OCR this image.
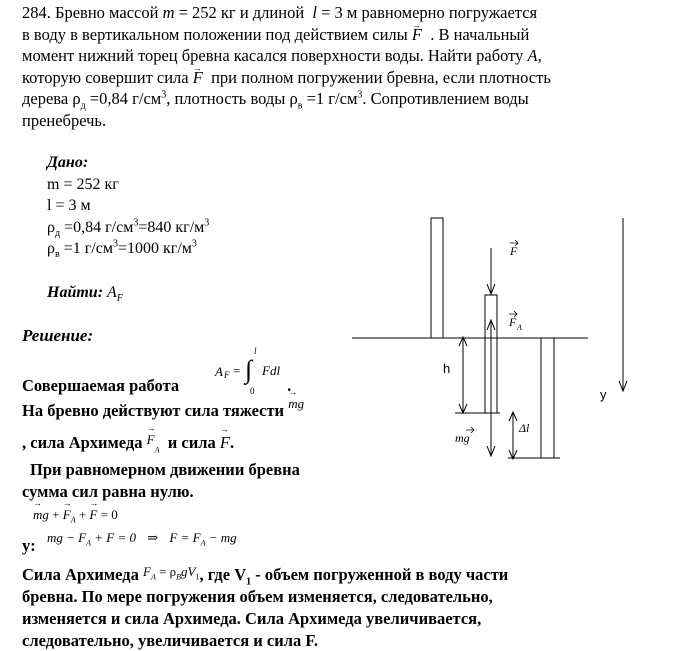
284. Бревно массой m = 252 кг и длиной l = 3 м равномерно погружается

в воду в вертикальном положении под действием силы → F . В начальный

момент нижний торец бревна касался поверхности воды. Найти работу A,

которую совершит сила → F при полном погружении бревна, если плотность

дерева $\rho_д =0,84$ $г/см^3$, плотность воды $\rho_в =1$ $г/см^3$. Сопротивлением воды

пренебречь.

Дано:

m = 252 кг

l = 3 м

$\rho_д =0,84$ $г/см^3=840$ $кг/м^3$

$\rho_в =1$ $г/см^3=1000$ $кг/м^3$

Найти: $A_F$
Решение:
A F = ∫
l
0
Fdl
Совершаемая работа	.
На бревно действуют сила тяжести → mg
, сила Архимеда → $F_A$ и сила → F.
При равномерном движении бревна
сумма сил равна нулю.
→ mg + → $F_A$ + → F = 0
y: mg − $F_A + F = 0$ ⇒ $F = F_A$ − mg
Сила Архимеда $^{F_A = \rho_ВgV_1}$, где $V_1$ - объем погруженной в воду части
бревна. По мере погружения объем изменяется, следовательно,
изменяется и сила Архимеда. Сила Архимеда увеличивается,
следовательно, увеличивается и сила F.
F
F A
h
y
mg
Δl
